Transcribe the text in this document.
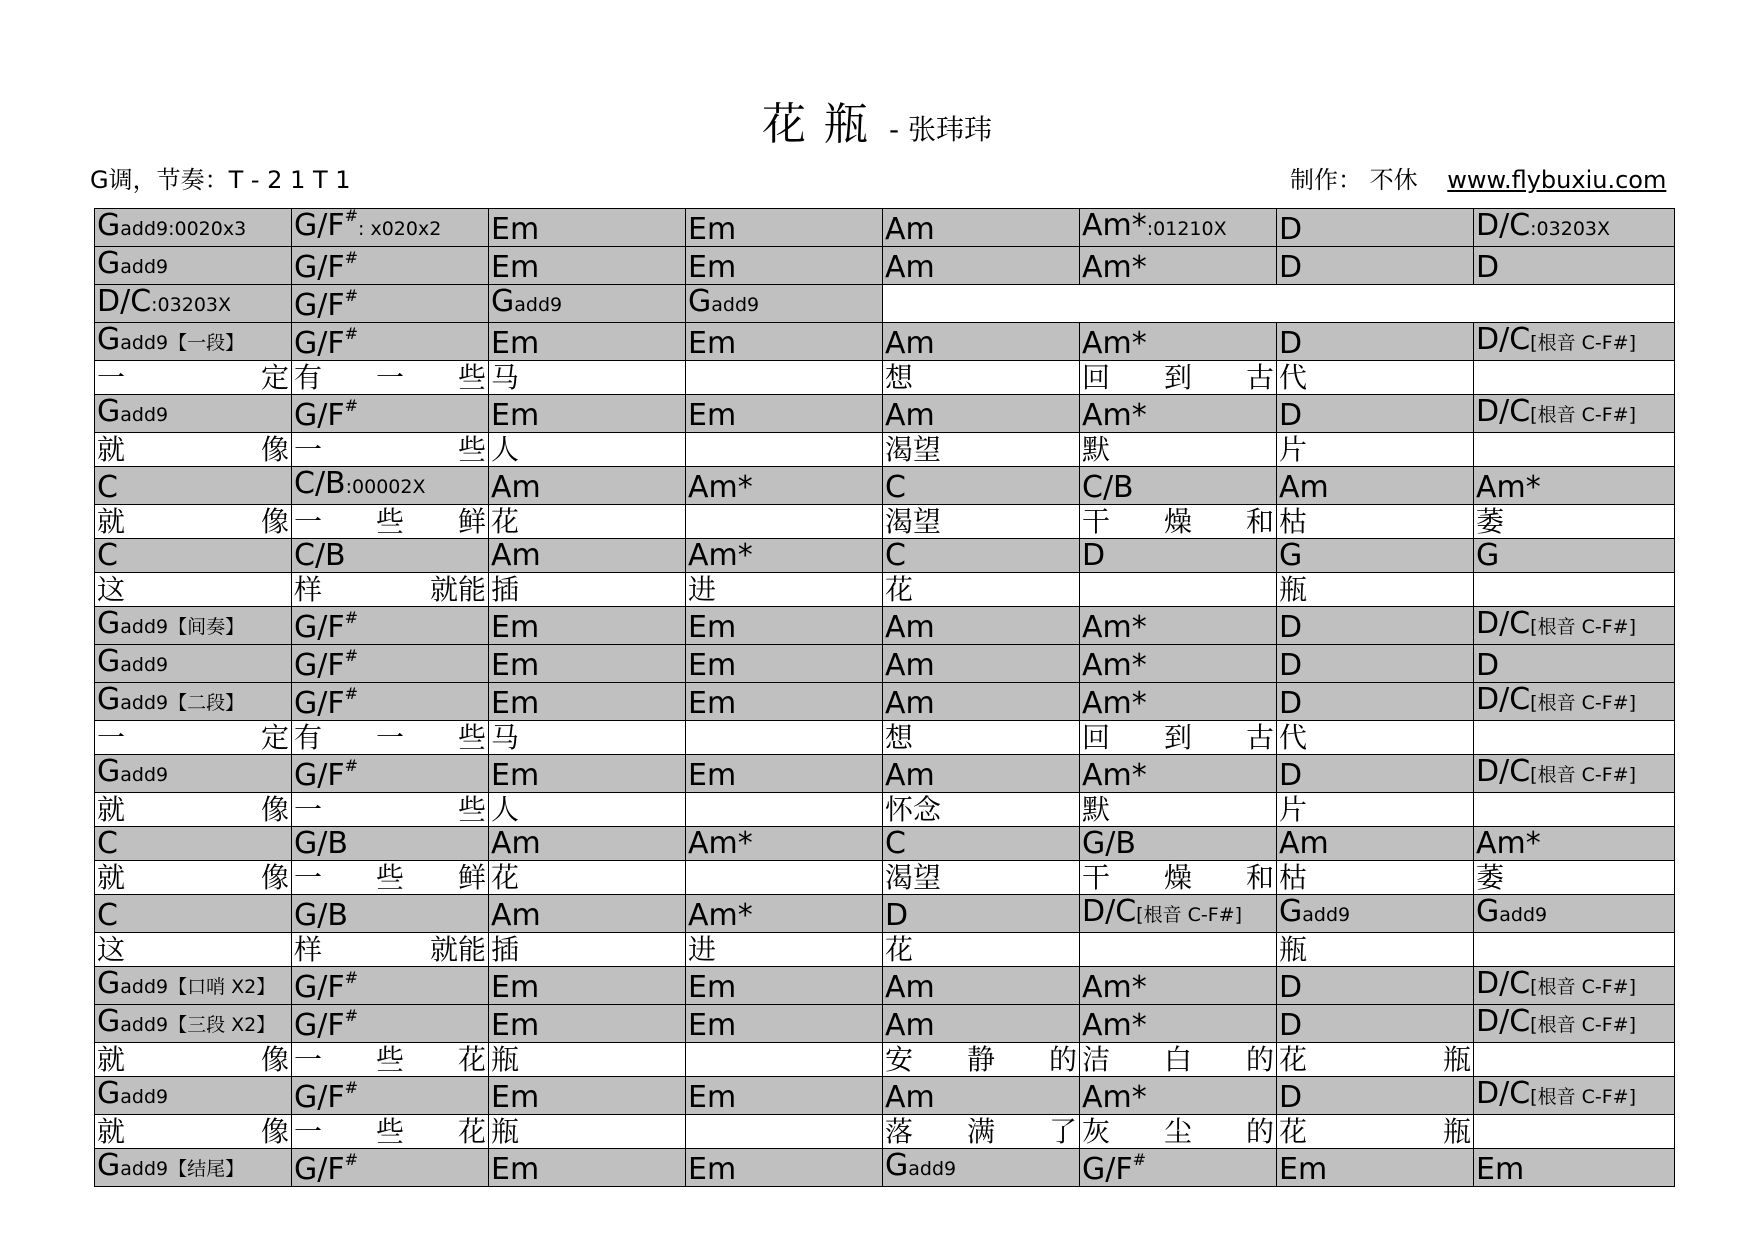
花 瓶 - 张玮玮
G调，节奏：T - 2 1 T 1	制作： 不休 www.flybuxiu.com
Gadd9:0020x3	G/F#: x020x2	Em	Em	Am	Am*:01210X	D	D/C:03203X
Gadd9	G/F#	Em	Em	Am	Am*	D	D
D/C:03203X	G/F#	Gadd9	Gadd9				
Gadd9【一段】	G/F#	Em	Em	Am	Am*	D	D/C[根音 C-F#]

一 定	有 一 些	马		想	回 到 古	代	
Gadd9	G/F#	Em	Em	Am	Am*	D	D/C[根音 C-F#]

就 像	一 些	人		渴望	默	片	
C	C/B:00002X	Am	Am*	C	C/B	Am	Am*

就 像	一 些 鲜	花		渴望	干 燥 和	枯	萎
C	C/B	Am	Am*	C	D	G	G
这	样 就能	插	进	花		瓶	
Gadd9【间奏】	G/F#	Em	Em	Am	Am*	D	D/C[根音 C-F#]
Gadd9	G/F#	Em	Em	Am	Am*	D	D
Gadd9【二段】	G/F#	Em	Em	Am	Am*	D	D/C[根音 C-F#]

一 定	有 一 些	马		想	回 到 古	代	
Gadd9	G/F#	Em	Em	Am	Am*	D	D/C[根音 C-F#]

就 像	一 些	人		怀念	默	片	
C	G/B	Am	Am*	C	G/B	Am	Am*

就 像	一 些 鲜	花		渴望	干 燥 和	枯	萎
C	G/B	Am	Am*	D	D/C[根音 C-F#]	Gadd9	Gadd9
这	样 就能	插	进	花		瓶	
Gadd9【口哨 X2】	G/F#	Em	Em	Am	Am*	D	D/C[根音 C-F#]
Gadd9【三段 X2】	G/F#	Em	Em	Am	Am*	D	D/C[根音 C-F#]

就 像	一 些 花	瓶		安 静 的	洁 白 的	花 瓶	

Gadd9	G/F#	Em	Em	Am	Am*	D	D/C[根音 C-F#]

就 像	一 些 花	瓶		落 满 了	灰 尘 的	花 瓶	

Gadd9【结尾】	G/F#	Em	Em	Gadd9	G/F#	Em	Em
